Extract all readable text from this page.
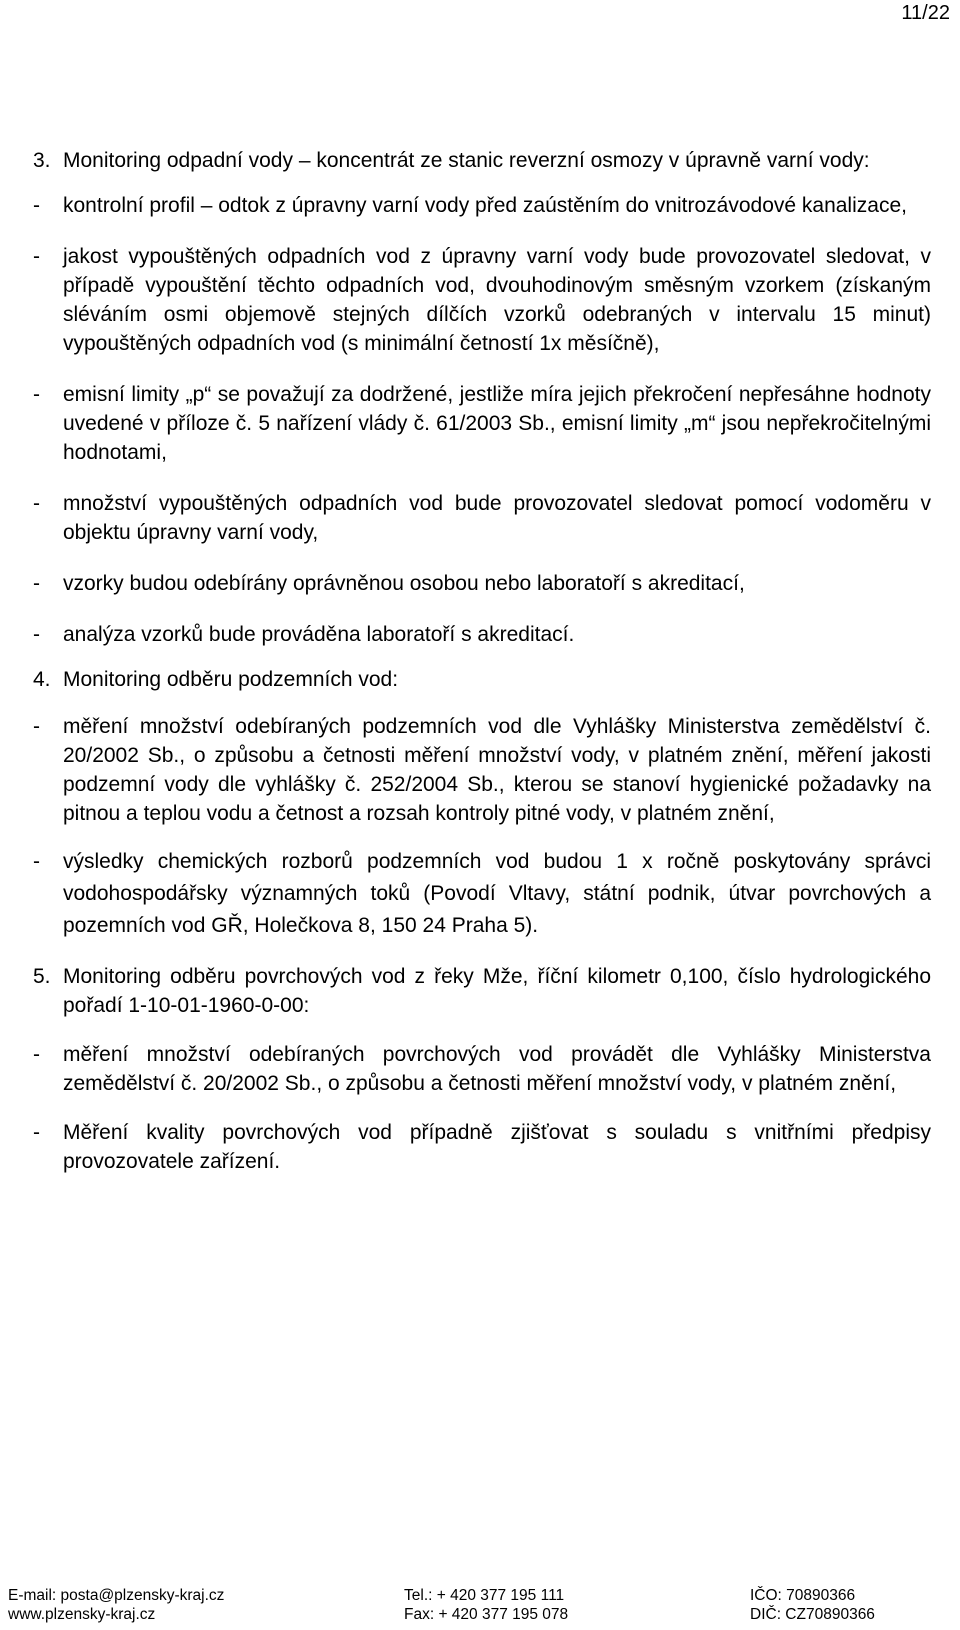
11/22
3. Monitoring odpadní vody – koncentrát ze stanic reverzní osmozy v úpravně varní vody:
-	kontrolní profil – odtok z úpravny varní vody před zaústěním do vnitrozávodové kanalizace,
-	jakost vypouštěných odpadních vod z úpravny varní vody bude provozovatel sledovat, v případě vypouštění těchto odpadních vod, dvouhodinovým směsným vzorkem (získaným sléváním osmi objemově stejných dílčích vzorků odebraných v intervalu 15 minut) vypouštěných odpadních vod (s minimální četností 1x měsíčně),
-	emisní limity „p“ se považují za dodržené, jestliže míra jejich překročení nepřesáhne hodnoty uvedené v příloze č. 5 nařízení vlády č. 61/2003 Sb., emisní limity „m“ jsou nepřekročitelnými hodnotami,
-	množství vypouštěných odpadních vod bude provozovatel sledovat pomocí vodoměru v objektu úpravny varní vody,
-	vzorky budou odebírány oprávněnou osobou nebo laboratoří s akreditací,
-	analýza vzorků bude prováděna laboratoří s akreditací.
4. Monitoring odběru podzemních vod:
-	měření množství odebíraných podzemních vod dle Vyhlášky Ministerstva zemědělství č. 20/2002 Sb., o způsobu a četnosti měření množství vody, v platném znění, měření jakosti podzemní vody dle vyhlášky č. 252/2004 Sb., kterou se stanoví hygienické požadavky na pitnou a teplou vodu a četnost a rozsah kontroly pitné vody, v platném znění,
-	výsledky chemických rozborů podzemních vod budou 1 x ročně poskytovány správci vodohospodářsky významných toků (Povodí Vltavy, státní podnik, útvar povrchových a pozemních vod GŘ, Holečkova 8, 150 24 Praha 5).
5. Monitoring odběru povrchových vod z řeky Mže, říční kilometr 0,100, číslo hydrologického pořadí 1-10-01-1960-0-00:
-	měření množství odebíraných povrchových vod provádět dle Vyhlášky Ministerstva zemědělství č. 20/2002 Sb., o způsobu a četnosti měření množství vody, v platném znění,
-	Měření kvality povrchových vod případně zjišťovat s souladu s vnitřními předpisy provozovatele zařízení.
E-mail: posta@plzensky-kraj.cz
www.plzensky-kraj.cz
Tel.: + 420 377 195 111
Fax: + 420 377 195 078
IČO: 70890366
DIČ: CZ70890366
